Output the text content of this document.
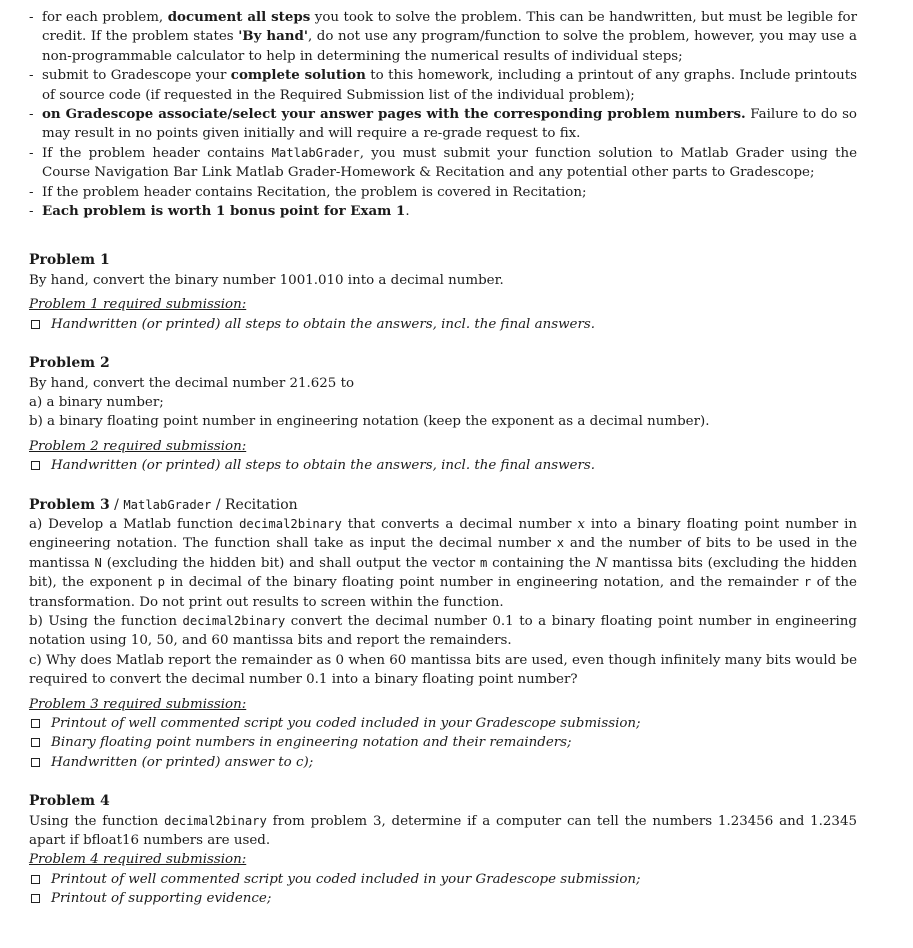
- for each problem, document all steps you took to solve the problem. This can be handwritten, but must be legible for credit. If the problem states 'By hand', do not use any program/function to solve the problem, however, you may use a non-programmable calculator to help in determining the numerical results of individual steps;
- submit to Gradescope your complete solution to this homework, including a printout of any graphs. Include printouts of source code (if requested in the Required Submission list of the individual problem);
- on Gradescope associate/select your answer pages with the corresponding problem numbers. Failure to do so may result in no points given initially and will require a re-grade request to fix.
- If the problem header contains MatlabGrader, you must submit your function solution to Matlab Grader using the Course Navigation Bar Link Matlab Grader-Homework & Recitation and any potential other parts to Gradescope;
- If the problem header contains Recitation, the problem is covered in Recitation;
- Each problem is worth 1 bonus point for Exam 1.
Problem 1

By hand, convert the binary number 1001.010 into a decimal number.

Problem 1 required submission:
Handwritten (or printed) all steps to obtain the answers, incl. the final answers.
Problem 2

By hand, convert the decimal number 21.625 to

a) a binary number;

b) a binary floating point number in engineering notation (keep the exponent as a decimal number).

Problem 2 required submission:
Handwritten (or printed) all steps to obtain the answers, incl. the final answers.
Problem 3 / MatlabGrader / Recitation

a) Develop a Matlab function decimal2binary that converts a decimal number x into a binary floating point number in engineering notation. The function shall take as input the decimal number x and the number of bits to be used in the mantissa N (excluding the hidden bit) and shall output the vector m containing the N mantissa bits (excluding the hidden bit), the exponent p in decimal of the binary floating point number in engineering notation, and the remainder r of the transformation. Do not print out results to screen within the function.

b) Using the function decimal2binary convert the decimal number 0.1 to a binary floating point number in engineering notation using 10, 50, and 60 mantissa bits and report the remainders.

c) Why does Matlab report the remainder as 0 when 60 mantissa bits are used, even though infinitely many bits would be required to convert the decimal number 0.1 into a binary floating point number?

Problem 3 required submission:
Printout of well commented script you coded included in your Gradescope submission;
Binary floating point numbers in engineering notation and their remainders;
Handwritten (or printed) answer to c);
Problem 4

Using the function decimal2binary from problem 3, determine if a computer can tell the numbers 1.23456 and 1.2345 apart if bfloat16 numbers are used.

Problem 4 required submission:
Printout of well commented script you coded included in your Gradescope submission;
Printout of supporting evidence;
